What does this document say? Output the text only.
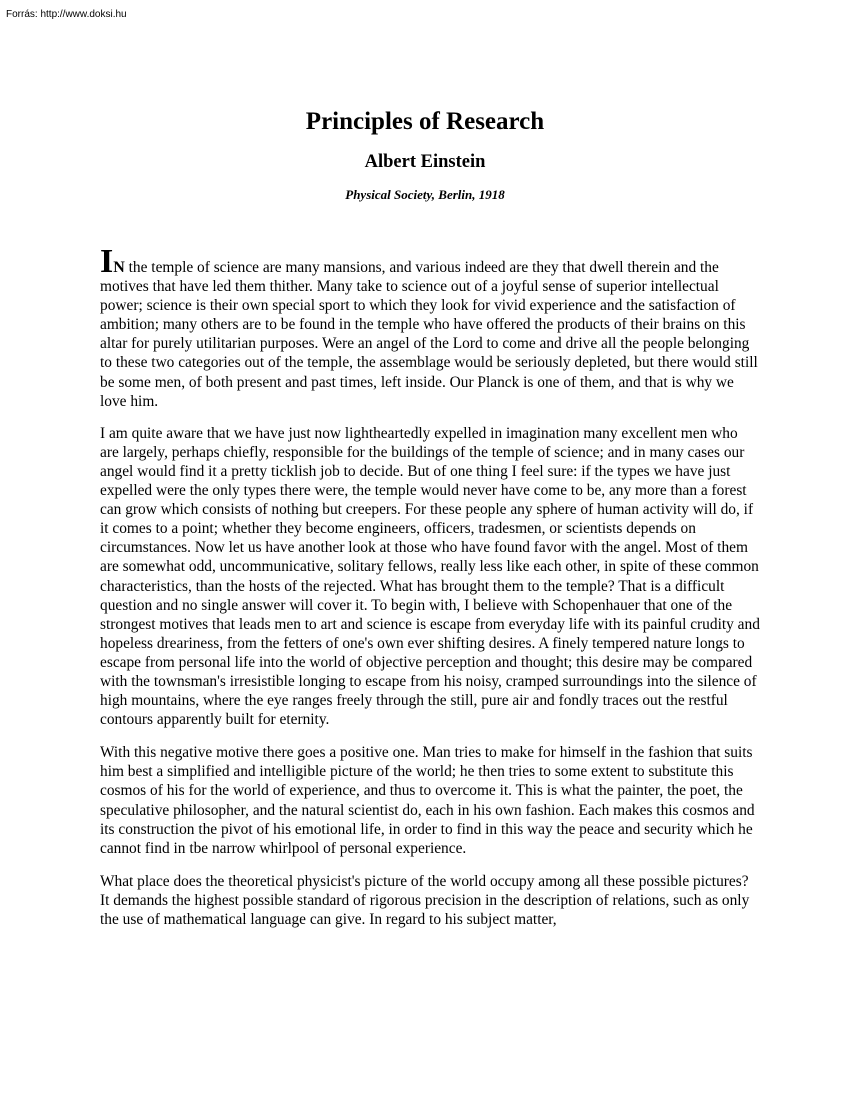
Forrás: http://www.doksi.hu
Principles of Research
Albert Einstein
Physical Society, Berlin, 1918

IN the temple of science are many mansions, and various indeed are they that dwell therein and the motives that have led them thither. Many take to science out of a joyful sense of superior intellectual power; science is their own special sport to which they look for vivid experience and the satisfaction of ambition; many others are to be found in the temple who have offered the products of their brains on this altar for purely utilitarian purposes. Were an angel of the Lord to come and drive all the people belonging to these two categories out of the temple, the assemblage would be seriously depleted, but there would still be some men, of both present and past times, left inside. Our Planck is one of them, and that is why we love him.

I am quite aware that we have just now lightheartedly expelled in imagination many excellent men who are largely, perhaps chiefly, responsible for the buildings of the temple of science; and in many cases our angel would find it a pretty ticklish job to decide. But of one thing I feel sure: if the types we have just expelled were the only types there were, the temple would never have come to be, any more than a forest can grow which consists of nothing but creepers. For these people any sphere of human activity will do, if it comes to a point; whether they become engineers, officers, tradesmen, or scientists depends on circumstances. Now let us have another look at those who have found favor with the angel. Most of them are somewhat odd, uncommunicative, solitary fellows, really less like each other, in spite of these common characteristics, than the hosts of the rejected. What has brought them to the temple? That is a difficult question and no single answer will cover it. To begin with, I believe with Schopenhauer that one of the strongest motives that leads men to art and science is escape from everyday life with its painful crudity and hopeless dreariness, from the fetters of one's own ever shifting desires. A finely tempered nature longs to escape from personal life into the world of objective perception and thought; this desire may be compared with the townsman's irresistible longing to escape from his noisy, cramped surroundings into the silence of high mountains, where the eye ranges freely through the still, pure air and fondly traces out the restful contours apparently built for eternity.

With this negative motive there goes a positive one. Man tries to make for himself in the fashion that suits him best a simplified and intelligible picture of the world; he then tries to some extent to substitute this cosmos of his for the world of experience, and thus to overcome it. This is what the painter, the poet, the speculative philosopher, and the natural scientist do, each in his own fashion. Each makes this cosmos and its construction the pivot of his emotional life, in order to find in this way the peace and security which he cannot find in tbe narrow whirlpool of personal experience.

What place does the theoretical physicist's picture of the world occupy among all these possible pictures? It demands the highest possible standard of rigorous precision in the description of relations, such as only the use of mathematical language can give. In regard to his subject matter,
